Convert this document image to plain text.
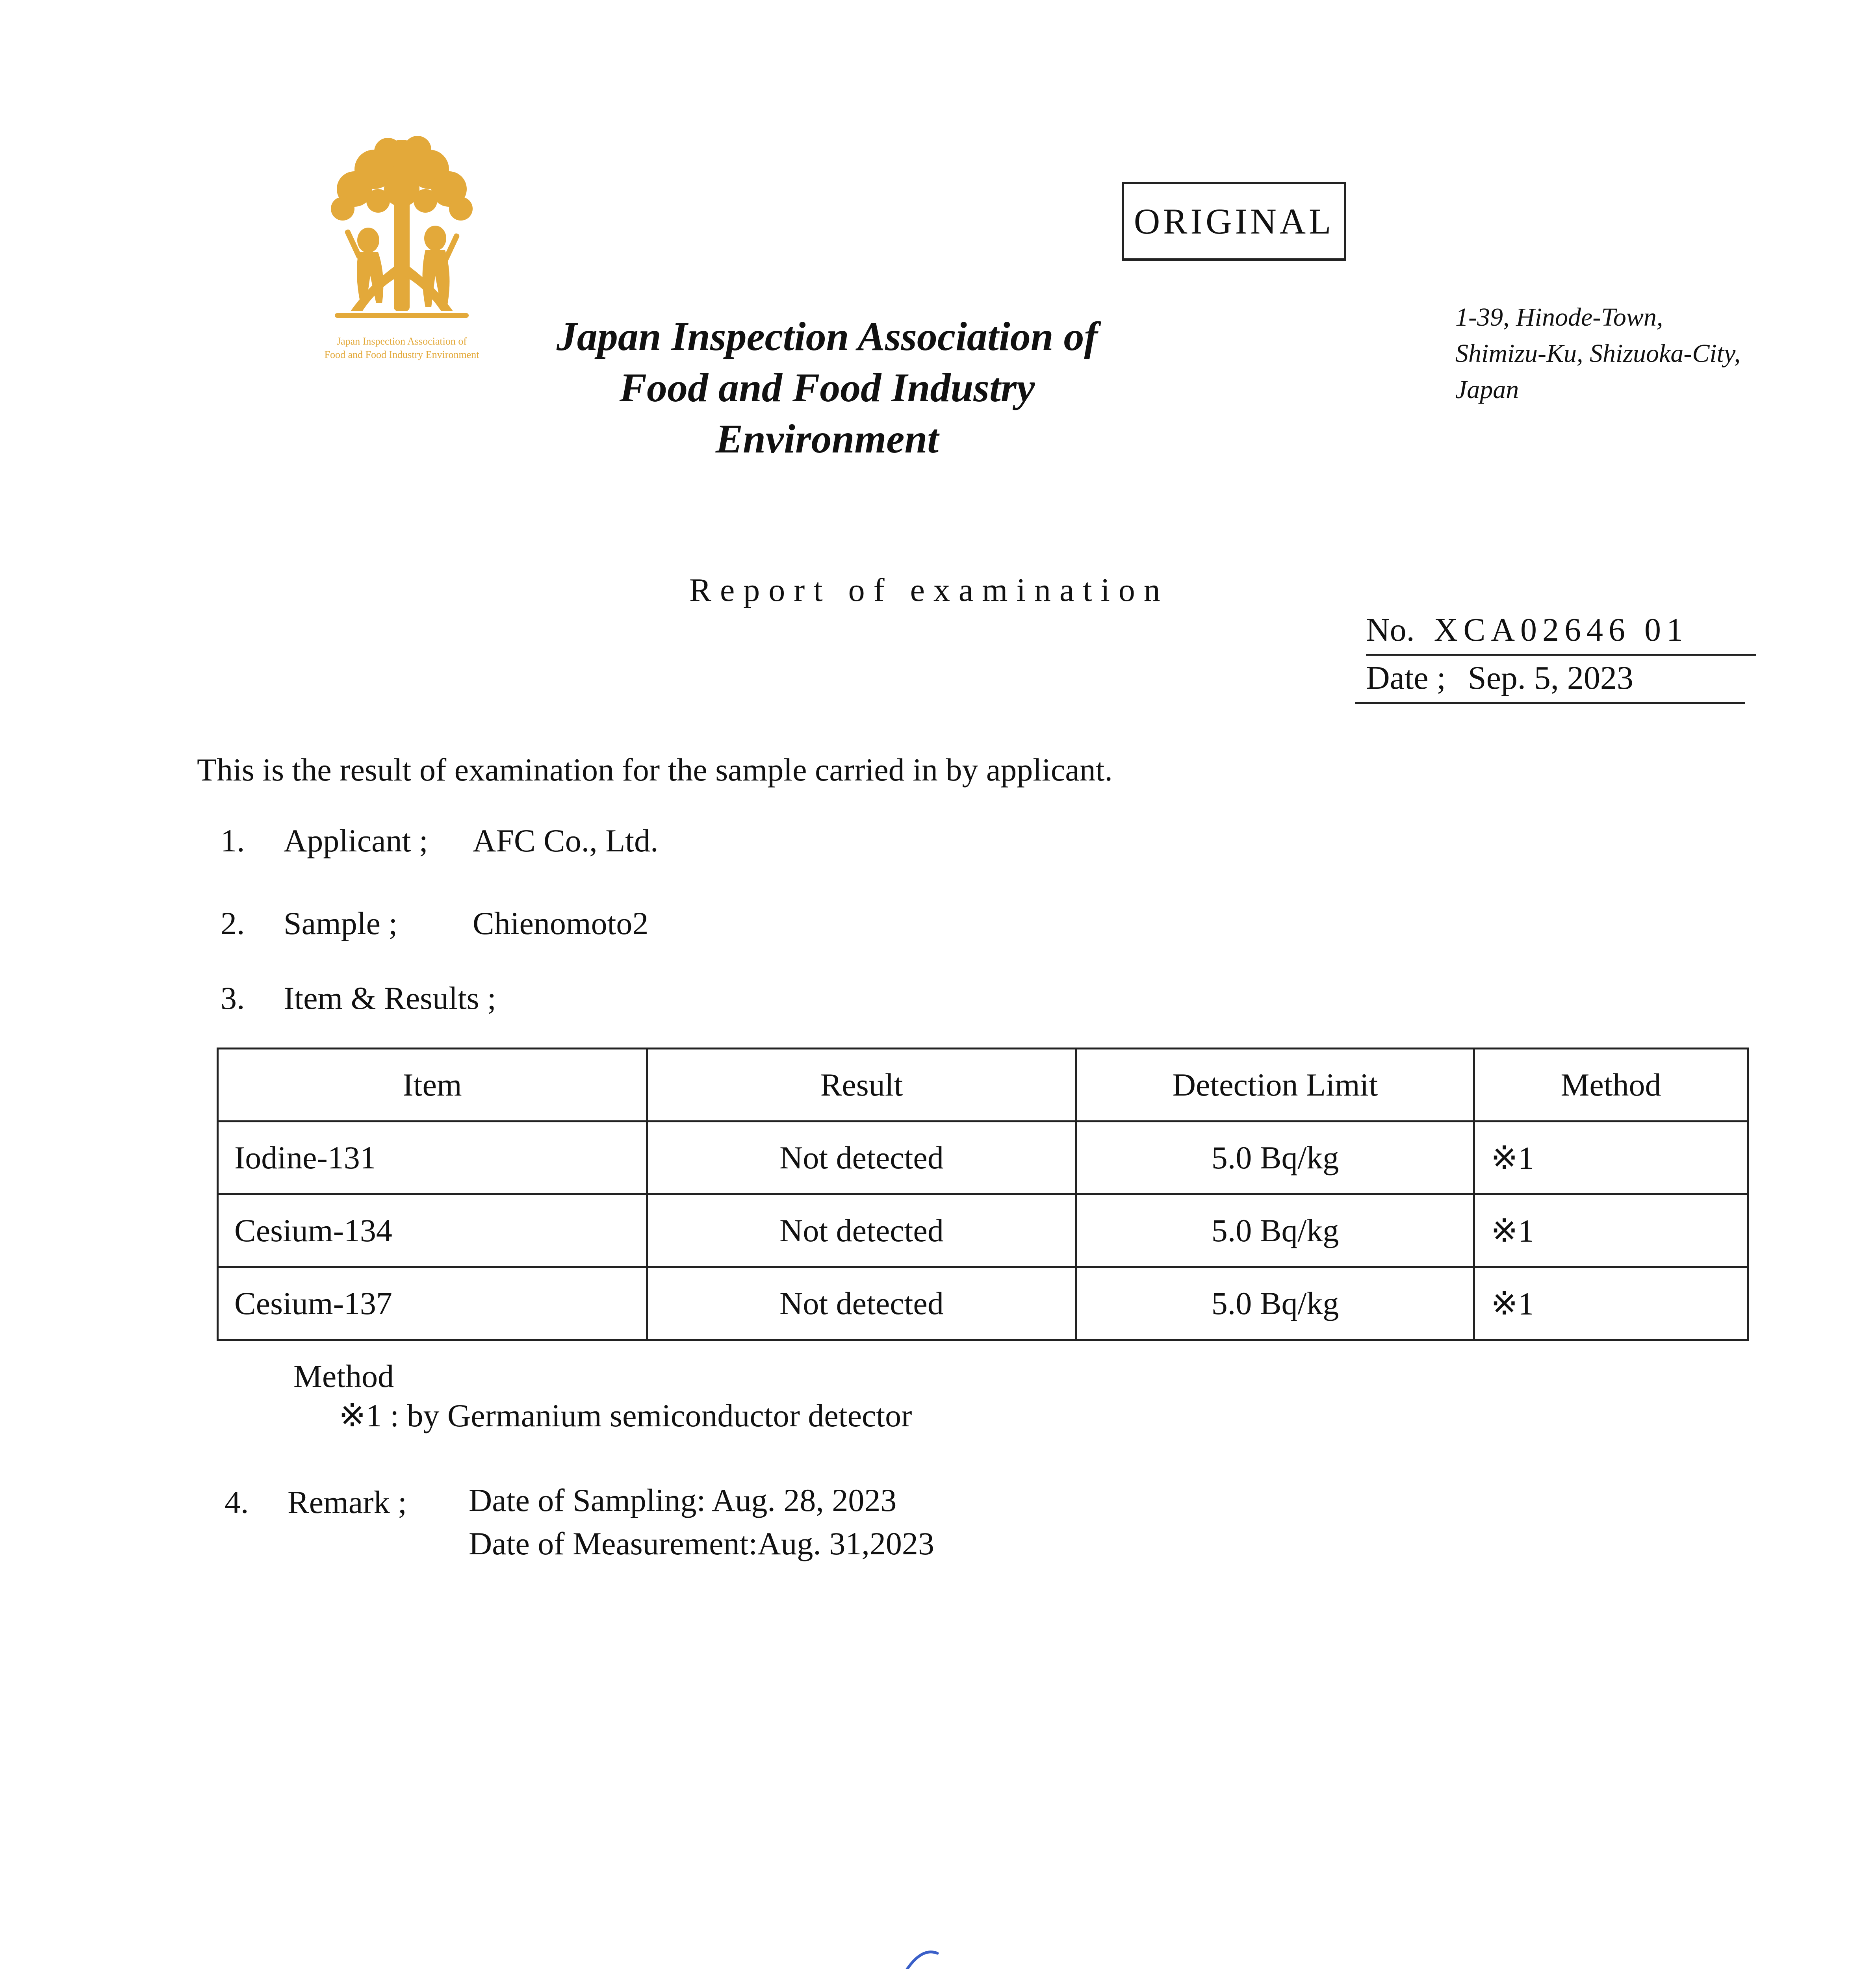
Japan Inspection Association of
Food and Food Industry Environment
ORIGINAL
Japan Inspection Association of
Food and Food Industry Environment
1-39, Hinode-Town,
Shimizu-Ku, Shizuoka-City,
Japan
Report of examination
No. XCA02646 01
Date ; Sep. 5, 2023
This is the result of examination for the sample carried in by applicant.
1. Applicant ; AFC Co., Ltd.
2. Sample ; Chienomoto2
3. Item & Results ;
Item	Result	Detection Limit	Method
Iodine-131	Not detected	5.0 Bq/kg	※1
Cesium-134	Not detected	5.0 Bq/kg	※1
Cesium-137	Not detected	5.0 Bq/kg	※1
Method
※1 : by Germanium semiconductor detector
4. Remark ; Date of Sampling: Aug. 28, 2023
Date of Measurement:Aug. 31,2023
